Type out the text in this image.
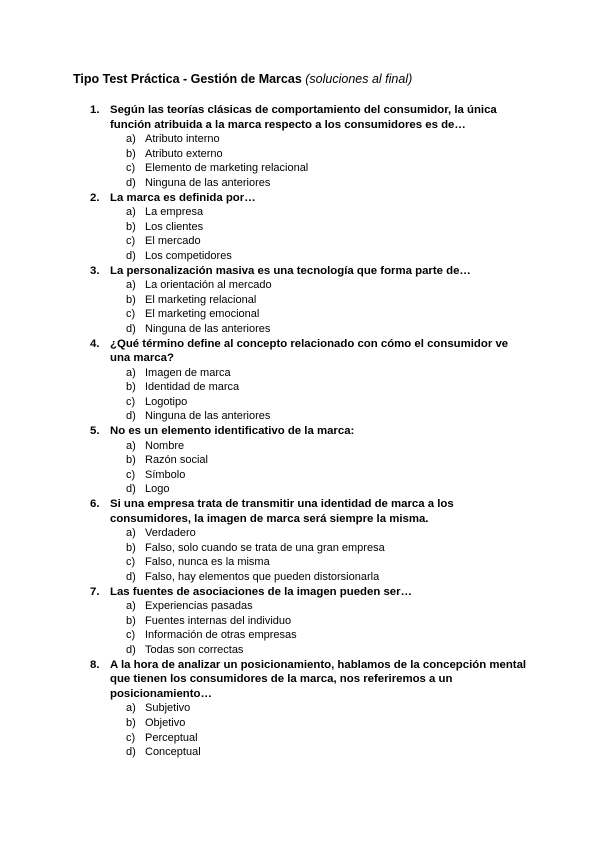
Tipo Test Práctica - Gestión de Marcas (soluciones al final)
1. Según las teorías clásicas de comportamiento del consumidor, la única función atribuida a la marca respecto a los consumidores es de…
a) Atributo interno
b) Atributo externo
c) Elemento de marketing relacional
d) Ninguna de las anteriores
2. La marca es definida por…
a) La empresa
b) Los clientes
c) El mercado
d) Los competidores
3. La personalización masiva es una tecnología que forma parte de…
a) La orientación al mercado
b) El marketing relacional
c) El marketing emocional
d) Ninguna de las anteriores
4. ¿Qué término define al concepto relacionado con cómo el consumidor ve una marca?
a) Imagen de marca
b) Identidad de marca
c) Logotipo
d) Ninguna de las anteriores
5. No es un elemento identificativo de la marca:
a) Nombre
b) Razón social
c) Símbolo
d) Logo
6. Si una empresa trata de transmitir una identidad de marca a los consumidores, la imagen de marca será siempre la misma.
a) Verdadero
b) Falso, solo cuando se trata de una gran empresa
c) Falso, nunca es la misma
d) Falso, hay elementos que pueden distorsionarla
7. Las fuentes de asociaciones de la imagen pueden ser…
a) Experiencias pasadas
b) Fuentes internas del individuo
c) Información de otras empresas
d) Todas son correctas
8. A la hora de analizar un posicionamiento, hablamos de la concepción mental que tienen los consumidores de la marca, nos referiremos a un posicionamiento…
a) Subjetivo
b) Objetivo
c) Perceptual
d) Conceptual
